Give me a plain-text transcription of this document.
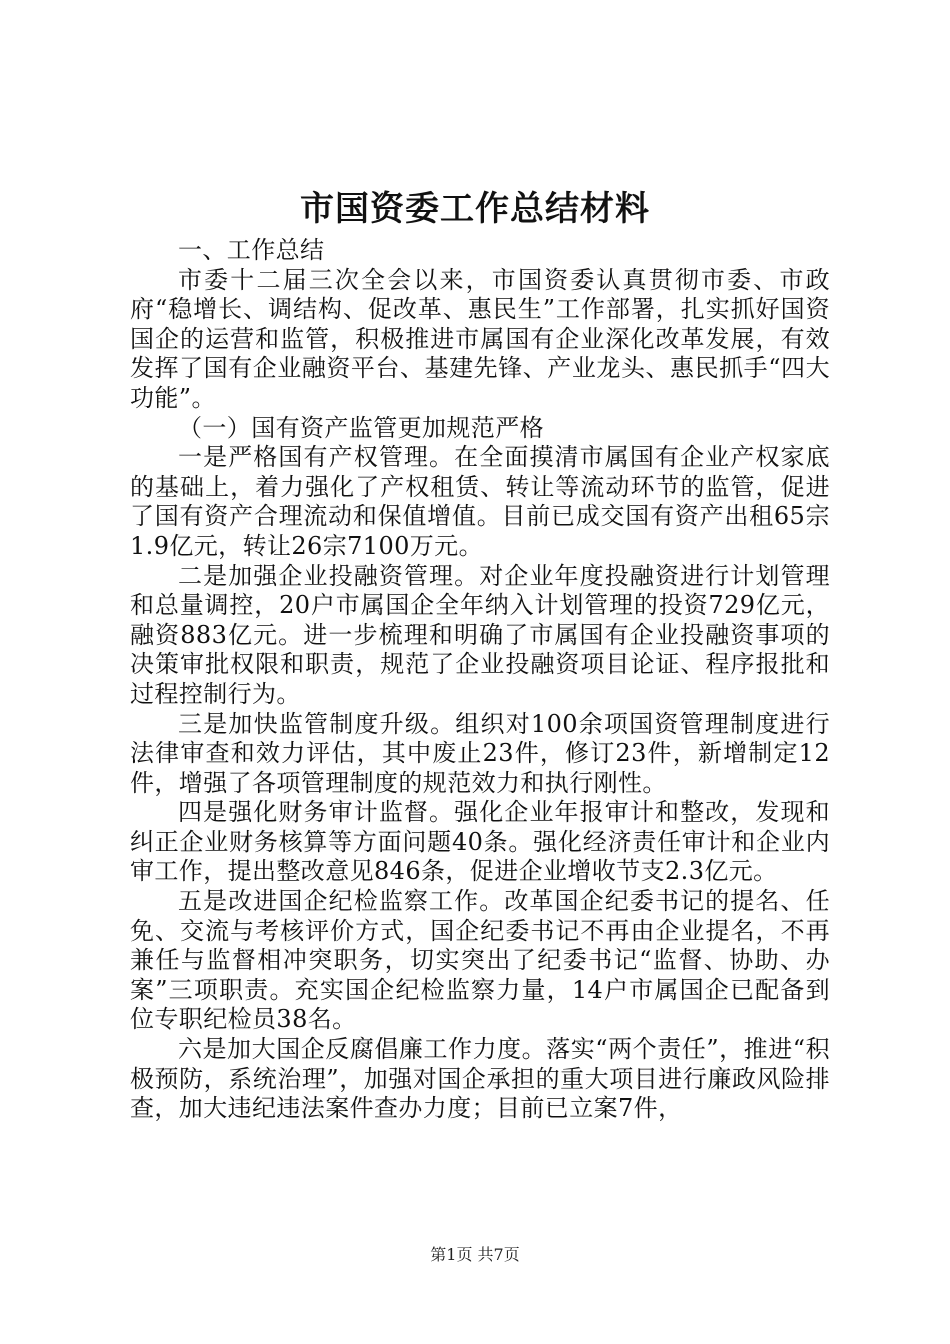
市国资委工作总结材料

一、工作总结

市委十二届三次全会以来，市国资委认真贯彻市委、市政府“稳增长、调结构、促改革、惠民生”工作部署，扎实抓好国资国企的运营和监管，积极推进市属国有企业深化改革发展，有效发挥了国有企业融资平台、基建先锋、产业龙头、惠民抓手“四大功能”。

（一）国有资产监管更加规范严格

一是严格国有产权管理。在全面摸清市属国有企业产权家底的基础上，着力强化了产权租赁、转让等流动环节的监管，促进了国有资产合理流动和保值增值。目前已成交国有资产出租65宗1.9亿元，转让26宗7100万元。

二是加强企业投融资管理。对企业年度投融资进行计划管理和总量调控，20户市属国企全年纳入计划管理的投资729亿元，融资883亿元。进一步梳理和明确了市属国有企业投融资事项的决策审批权限和职责，规范了企业投融资项目论证、程序报批和过程控制行为。

三是加快监管制度升级。组织对100余项国资管理制度进行法律审查和效力评估，其中废止23件，修订23件，新增制定12件，增强了各项管理制度的规范效力和执行刚性。

四是强化财务审计监督。强化企业年报审计和整改，发现和纠正企业财务核算等方面问题40条。强化经济责任审计和企业内审工作，提出整改意见846条，促进企业增收节支2.3亿元。

五是改进国企纪检监察工作。改革国企纪委书记的提名、任免、交流与考核评价方式，国企纪委书记不再由企业提名，不再兼任与监督相冲突职务，切实突出了纪委书记“监督、协助、办案”三项职责。充实国企纪检监察力量，14户市属国企已配备到位专职纪检员38名。

六是加大国企反腐倡廉工作力度。落实“两个责任”，推进“积极预防，系统治理”，加强对国企承担的重大项目进行廉政风险排查，加大违纪违法案件查办力度；目前已立案7件，

第1页 共7页
